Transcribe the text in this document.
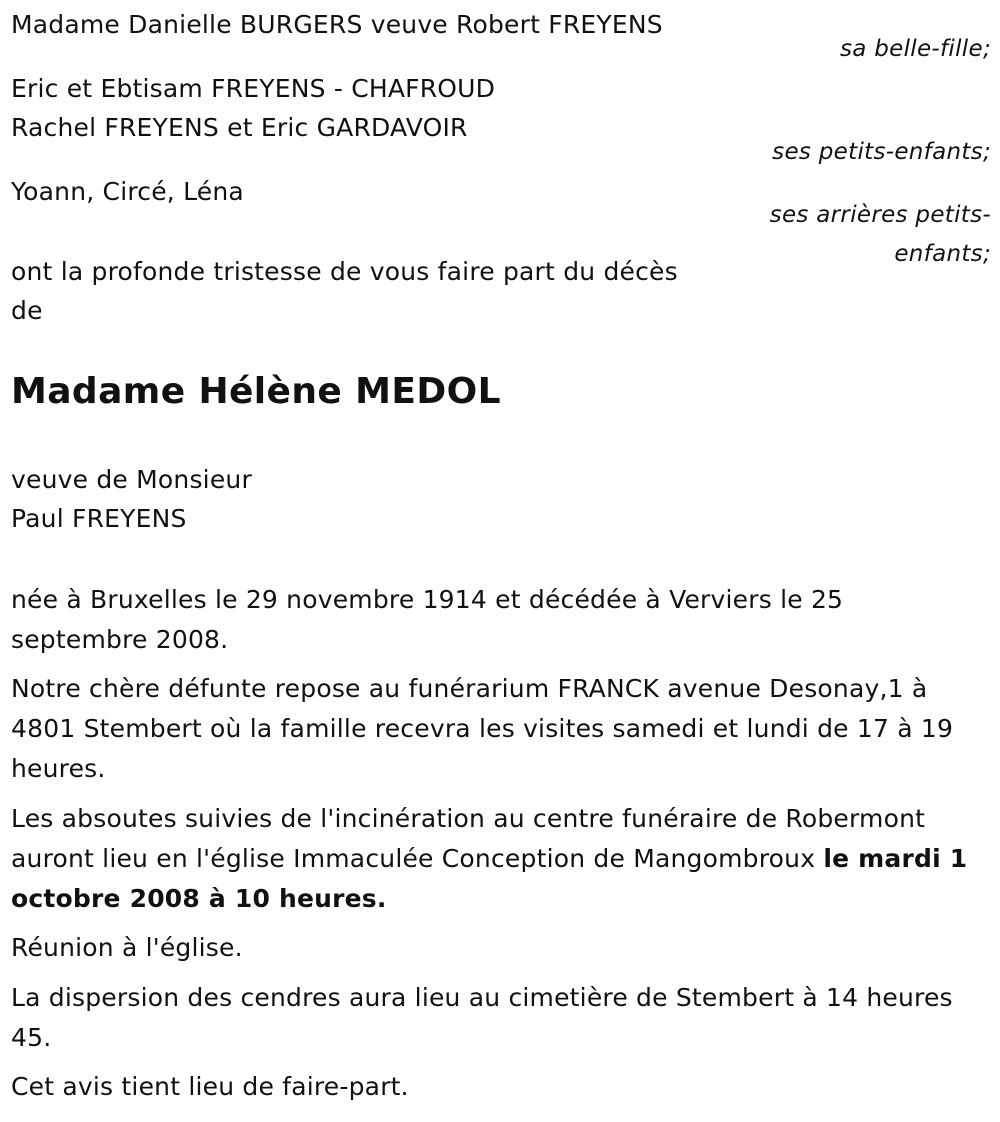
Madame Danielle BURGERS veuve Robert FREYENS
sa belle-fille;
Eric et Ebtisam FREYENS - CHAFROUD
Rachel FREYENS et Eric GARDAVOIR
ses petits-enfants;
Yoann, Circé, Léna
ses arrières petits-
enfants;
ont la profonde tristesse de vous faire part du décès
de
Madame Hélène MEDOL
veuve de Monsieur
Paul FREYENS
née à Bruxelles le 29 novembre 1914 et décédée à Verviers le 25 septembre 2008.
Notre chère défunte repose au funérarium FRANCK avenue Desonay,1 à 4801 Stembert où la famille recevra les visites samedi et lundi de 17 à 19 heures.
Les absoutes suivies de l'incinération au centre funéraire de Robermont auront lieu en l'église Immaculée Conception de Mangombroux le mardi 1 octobre 2008 à 10 heures.
Réunion à l'église.
La dispersion des cendres aura lieu au cimetière de Stembert à 14 heures 45.
Cet avis tient lieu de faire-part.
